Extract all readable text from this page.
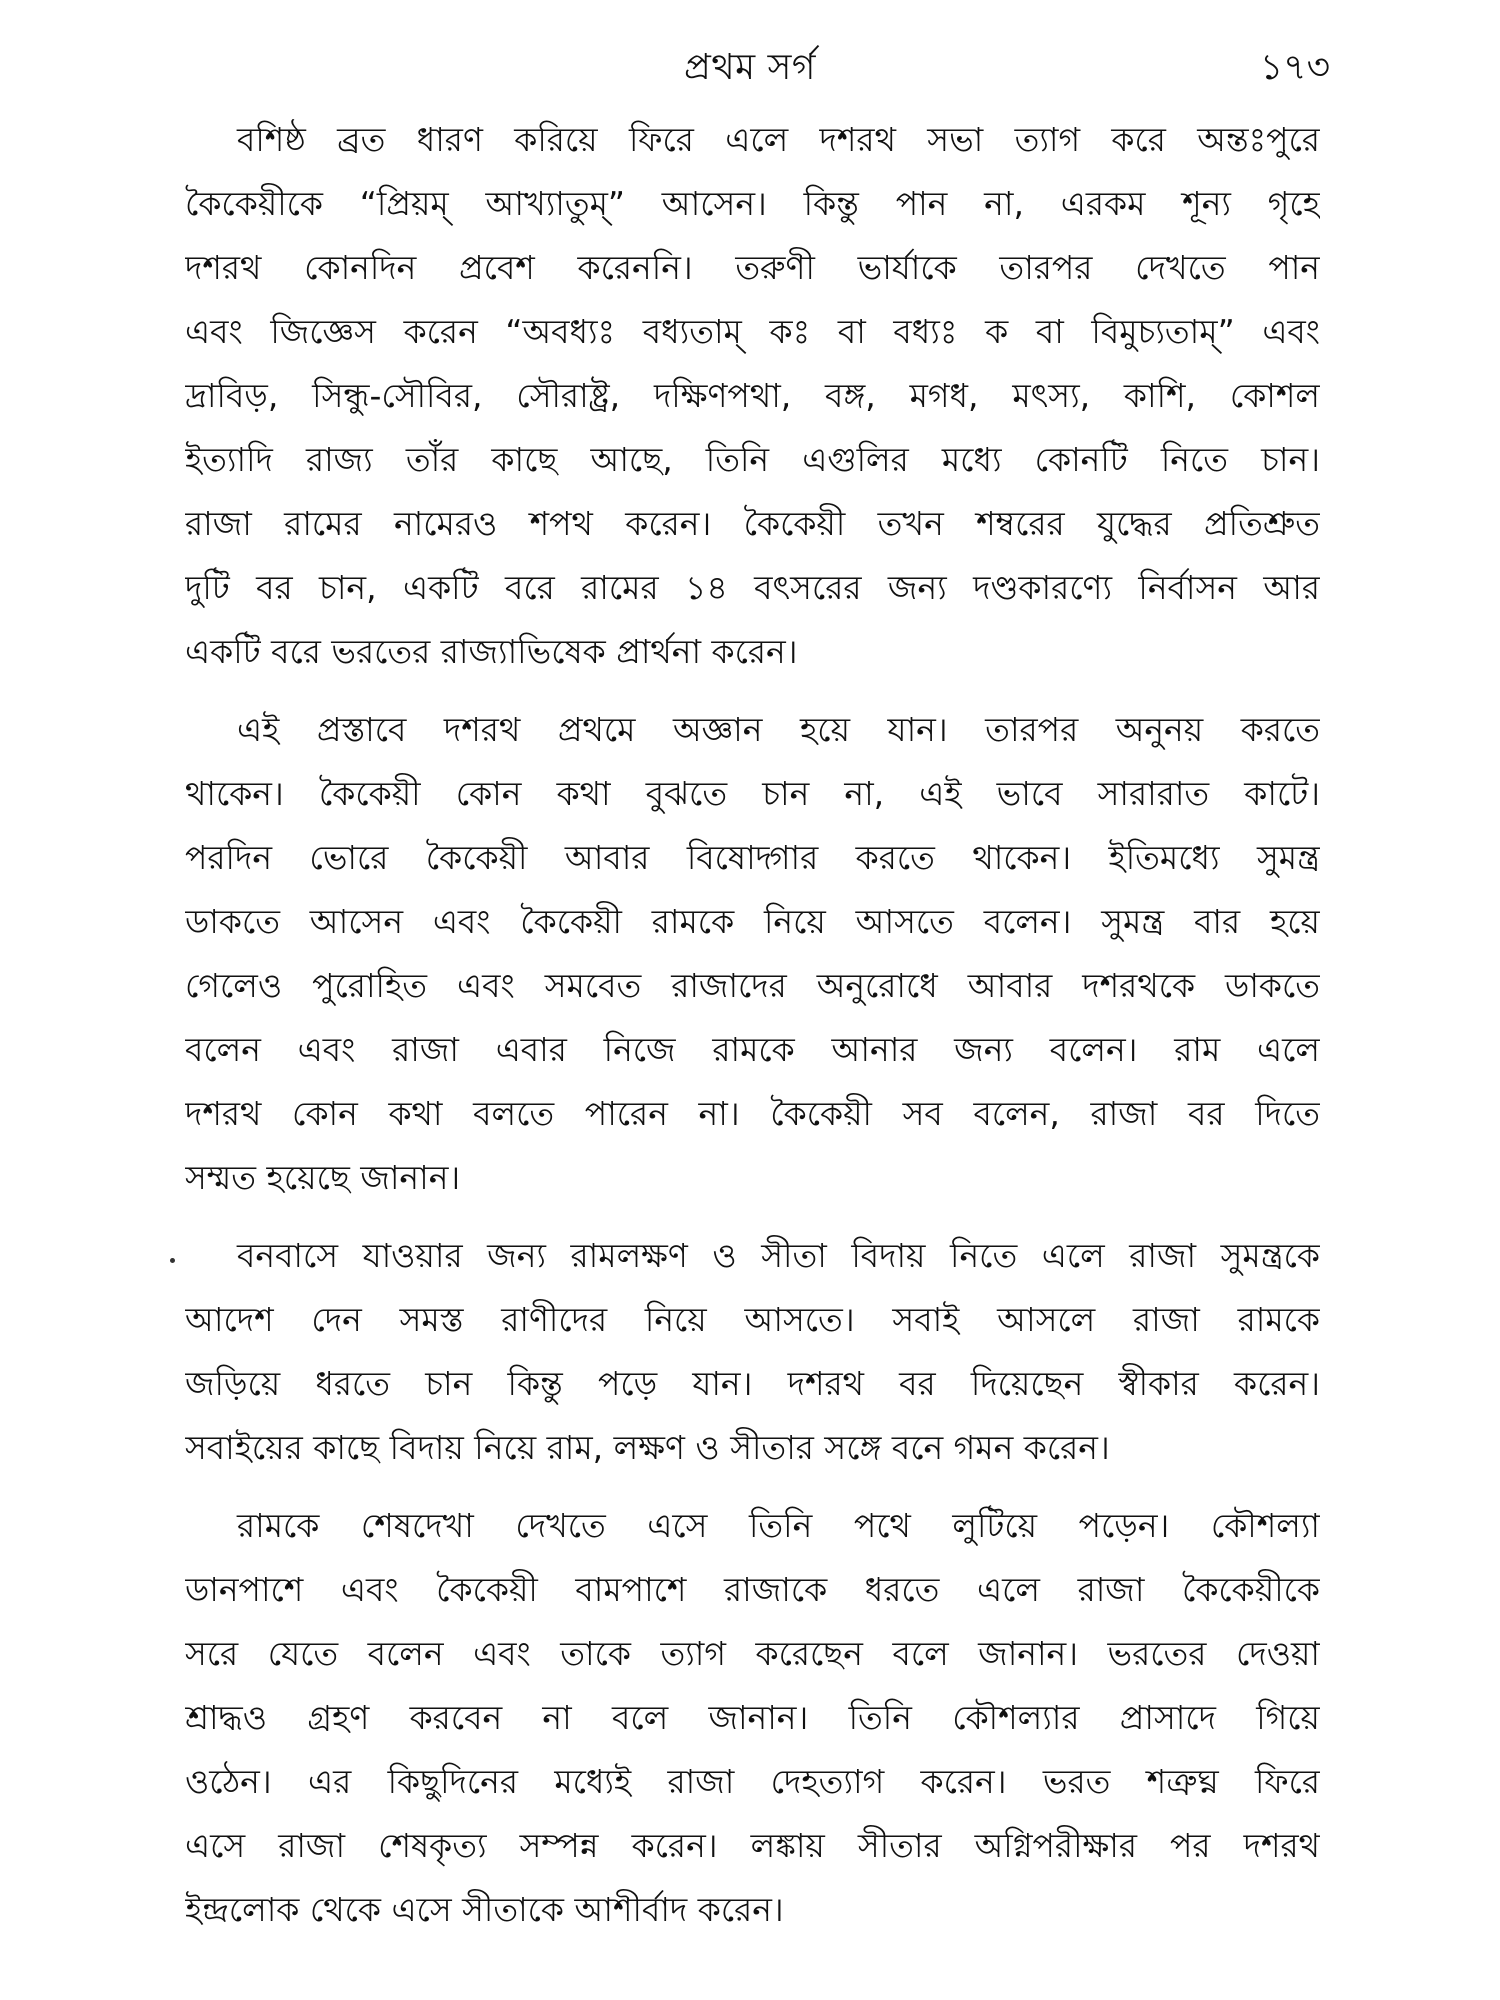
প্রথম সর্গ	১৭৩

বশিষ্ঠ ব্রত ধারণ করিয়ে ফিরে এলে দশরথ সভা ত্যাগ করে অন্তঃপুরে
কৈকেয়ীকে “প্রিয়ম্ আখ্যাতুম্” আসেন। কিন্তু পান না, এরকম শূন্য গৃহে
দশরথ কোনদিন প্রবেশ করেননি। তরুণী ভার্যাকে তারপর দেখতে পান
এবং জিজ্ঞেস করেন “অবধ্যঃ বধ্যতাম্ কঃ বা বধ্যঃ ক বা বিমুচ্যতাম্” এবং
দ্রাবিড়, সিন্ধু-সৌবির, সৌরাষ্ট্র, দক্ষিণপথা, বঙ্গ, মগধ, মৎস্য, কাশি, কোশল
ইত্যাদি রাজ্য তাঁর কাছে আছে, তিনি এগুলির মধ্যে কোনটি নিতে চান।
রাজা রামের নামেরও শপথ করেন। কৈকেয়ী তখন শম্বরের যুদ্ধের প্রতিশ্রুত
দুটি বর চান, একটি বরে রামের ১৪ বৎসরের জন্য দণ্ডকারণ্যে নির্বাসন আর
একটি বরে ভরতের রাজ্যাভিষেক প্রার্থনা করেন।

এই প্রস্তাবে দশরথ প্রথমে অজ্ঞান হয়ে যান। তারপর অনুনয় করতে
থাকেন। কৈকেয়ী কোন কথা বুঝতে চান না, এই ভাবে সারারাত কাটে।
পরদিন ভোরে কৈকেয়ী আবার বিষোদ্গার করতে থাকেন। ইতিমধ্যে সুমন্ত্র
ডাকতে আসেন এবং কৈকেয়ী রামকে নিয়ে আসতে বলেন। সুমন্ত্র বার হয়ে
গেলেও পুরোহিত এবং সমবেত রাজাদের অনুরোধে আবার দশরথকে ডাকতে
বলেন এবং রাজা এবার নিজে রামকে আনার জন্য বলেন। রাম এলে
দশরথ কোন কথা বলতে পারেন না। কৈকেয়ী সব বলেন, রাজা বর দিতে
সম্মত হয়েছে জানান।

বনবাসে যাওয়ার জন্য রামলক্ষণ ও সীতা বিদায় নিতে এলে রাজা সুমন্ত্রকে
আদেশ দেন সমস্ত রাণীদের নিয়ে আসতে। সবাই আসলে রাজা রামকে
জড়িয়ে ধরতে চান কিন্তু পড়ে যান। দশরথ বর দিয়েছেন স্বীকার করেন।
সবাইয়ের কাছে বিদায় নিয়ে রাম, লক্ষণ ও সীতার সঙ্গে বনে গমন করেন।

রামকে শেষদেখা দেখতে এসে তিনি পথে লুটিয়ে পড়েন। কৌশল্যা
ডানপাশে এবং কৈকেয়ী বামপাশে রাজাকে ধরতে এলে রাজা কৈকেয়ীকে
সরে যেতে বলেন এবং তাকে ত্যাগ করেছেন বলে জানান। ভরতের দেওয়া
শ্রাদ্ধও গ্রহণ করবেন না বলে জানান। তিনি কৌশল্যার প্রাসাদে গিয়ে
ওঠেন। এর কিছুদিনের মধ্যেই রাজা দেহত্যাগ করেন। ভরত শত্রুঘ্ন ফিরে
এসে রাজা শেষকৃত্য সম্পন্ন করেন। লঙ্কায় সীতার অগ্নিপরীক্ষার পর দশরথ
ইন্দ্রলোক থেকে এসে সীতাকে আশীর্বাদ করেন।
